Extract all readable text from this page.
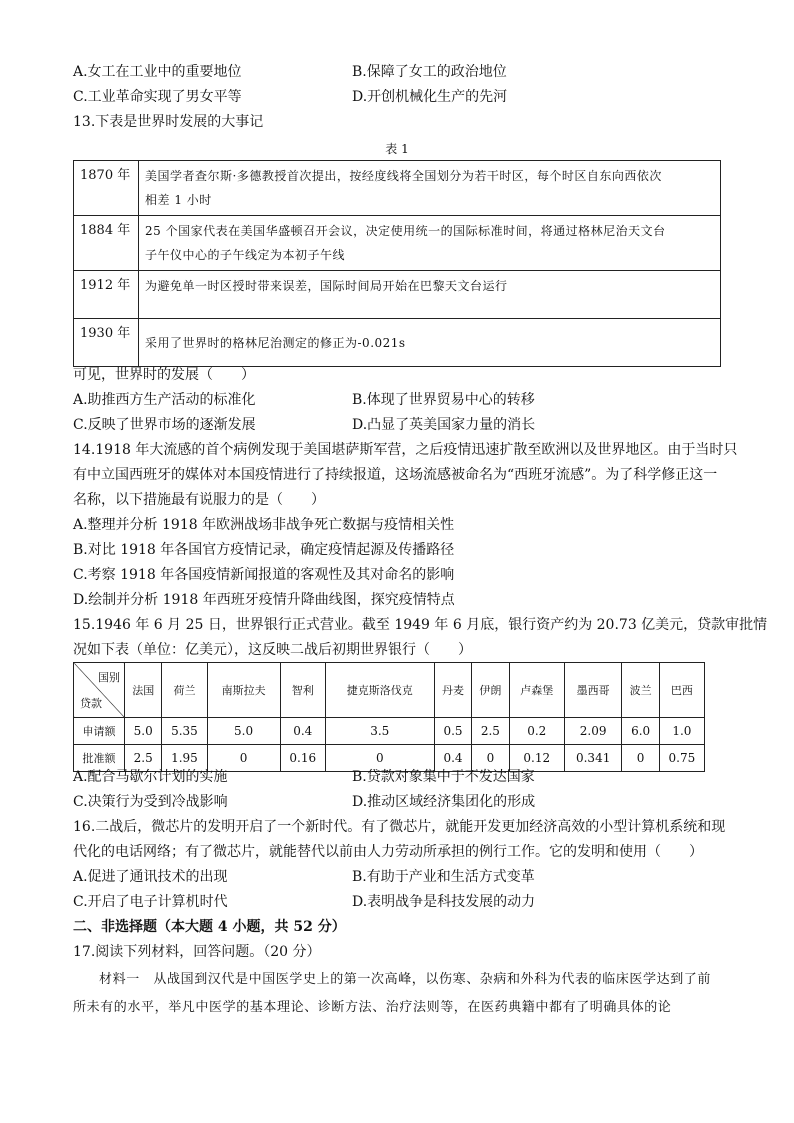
A.女工在工业中的重要地位	B.保障了女工的政治地位
C.工业革命实现了男女平等	D.开创机械化生产的先河
13.下表是世界时发展的大事记
表 1
1870 年	美国学者查尔斯·多德教授首次提出，按经度线将全国划分为若干时区，每个时区自东向西依次
相差 1 小时
1884 年	25 个国家代表在美国华盛顿召开会议，决定使用统一的国际标准时间，将通过格林尼治天文台
子午仪中心的子午线定为本初子午线
1912 年	为避免单一时区授时带来误差，国际时间局开始在巴黎天文台运行
1930 年	采用了世界时的格林尼治测定的修正为-0.021s
可见，世界时的发展（　　）
A.助推西方生产活动的标准化	B.体现了世界贸易中心的转移
C.反映了世界市场的逐渐发展	D.凸显了英美国家力量的消长
14.1918 年大流感的首个病例发现于美国堪萨斯军营，之后疫情迅速扩散至欧洲以及世界地区。由于当时只
有中立国西班牙的媒体对本国疫情进行了持续报道，这场流感被命名为“西班牙流感”。为了科学修正这一
名称，以下措施最有说服力的是（　　）
A.整理并分析 1918 年欧洲战场非战争死亡数据与疫情相关性
B.对比 1918 年各国官方疫情记录，确定疫情起源及传播路径
C.考察 1918 年各国疫情新闻报道的客观性及其对命名的影响
D.绘制并分析 1918 年西班牙疫情升降曲线图，探究疫情特点
15.1946 年 6 月 25 日，世界银行正式营业。截至 1949 年 6 月底，银行资产约为 20.73 亿美元，贷款审批情
况如下表（单位：亿美元），这反映二战后初期世界银行（　　）
国别
贷款	法国	荷兰	南斯拉夫	智利	捷克斯洛伐克	丹麦	伊朗	卢森堡	墨西哥	波兰	巴西
申请额	5.0	5.35	5.0	0.4	3.5	0.5	2.5	0.2	2.09	6.0	1.0
批准额	2.5	1.95	0	0.16	0	0.4	0	0.12	0.341	0	0.75
A.配合马歇尔计划的实施	B.贷款对象集中于不发达国家
C.决策行为受到冷战影响	D.推动区域经济集团化的形成
16.二战后，微芯片的发明开启了一个新时代。有了微芯片，就能开发更加经济高效的小型计算机系统和现
代化的电话网络；有了微芯片，就能替代以前由人力劳动所承担的例行工作。它的发明和使用（　　）
A.促进了通讯技术的出现	B.有助于产业和生活方式变革
C.开启了电子计算机时代	D.表明战争是科技发展的动力
二、非选择题（本大题 4 小题，共 52 分）
17.阅读下列材料，回答问题。（20 分）
材料一　从战国到汉代是中国医学史上的第一次高峰，以伤寒、杂病和外科为代表的临床医学达到了前所未有的水平，举凡中医学的基本理论、诊断方法、治疗法则等，在医药典籍中都有了明确具体的论
